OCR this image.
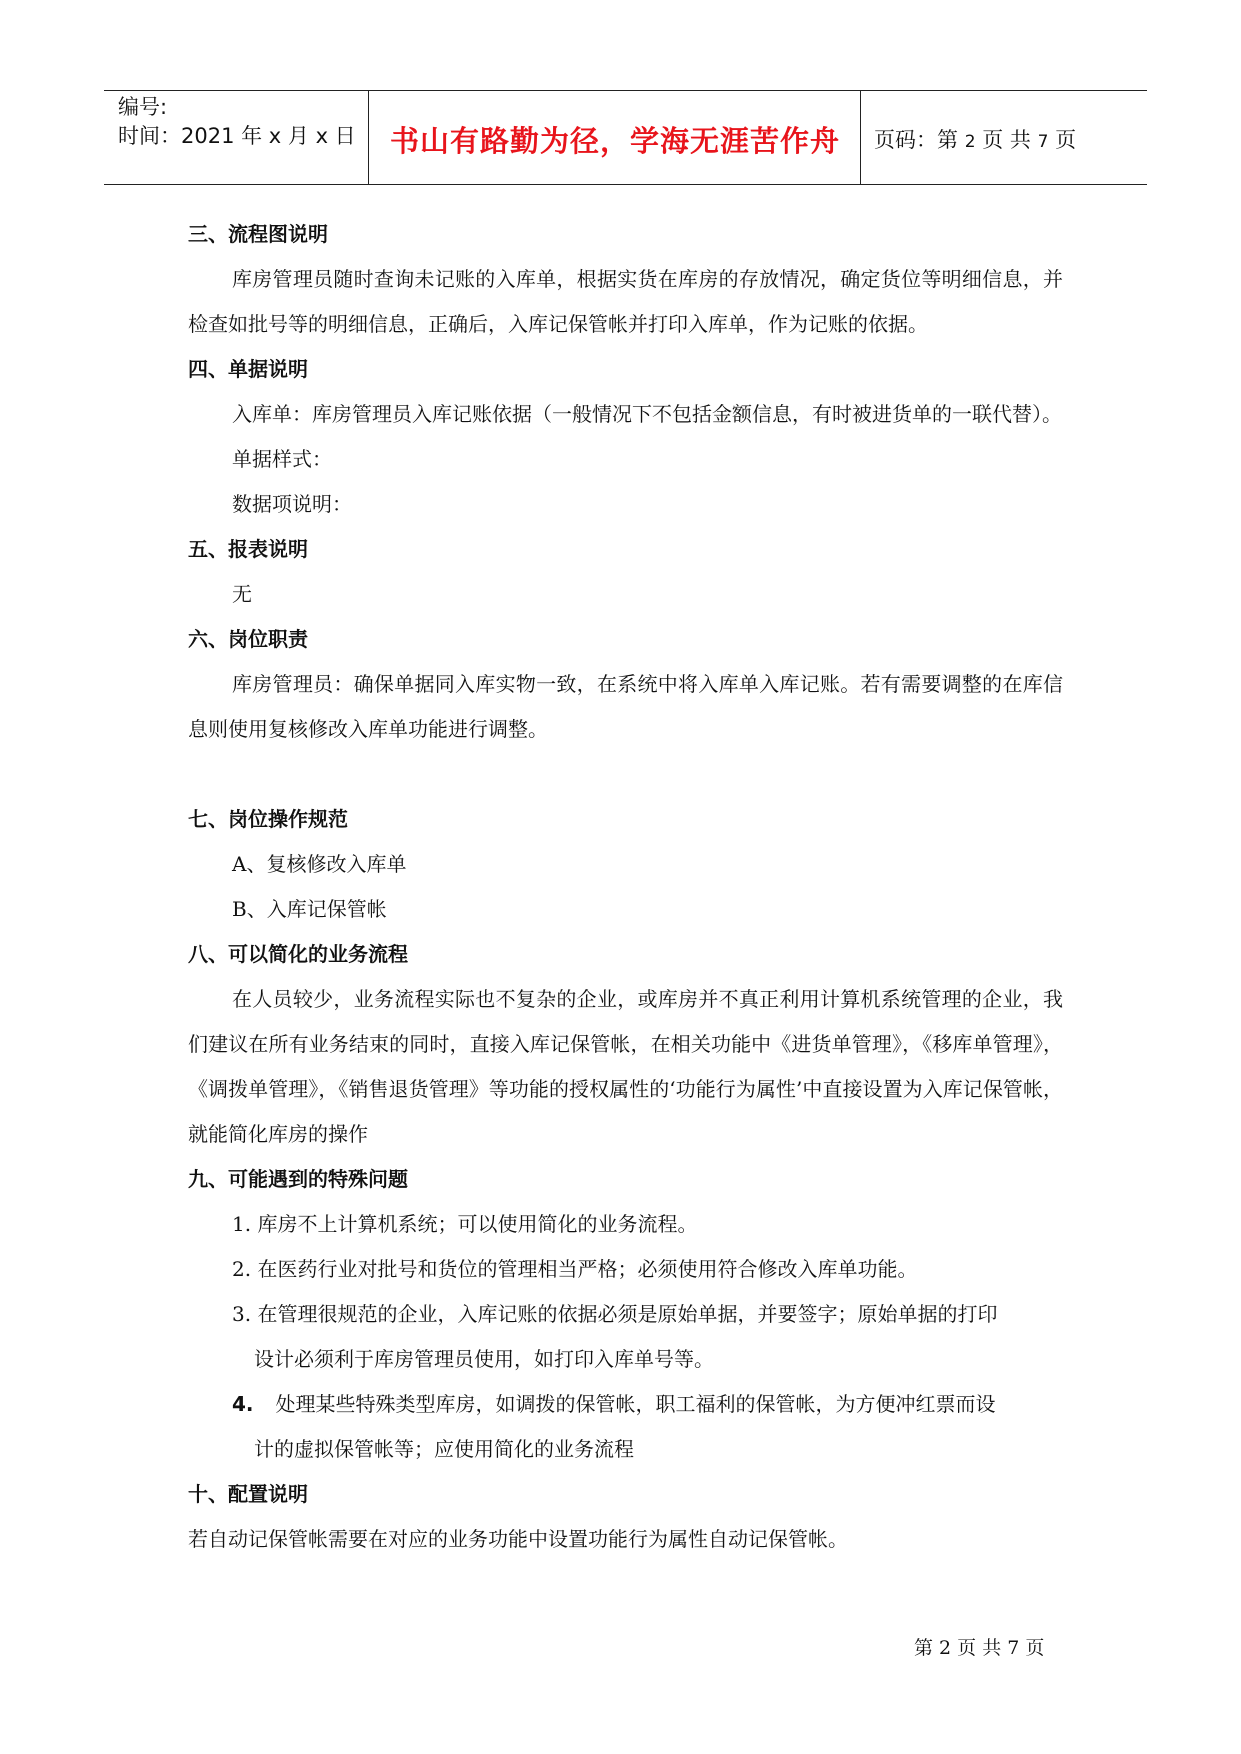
编号:
时间：2021 年 x 月 x 日	书山有路勤为径，学海无涯苦作舟	页码：第 2 页 共 7 页
三、流程图说明
库房管理员随时查询未记账的入库单，根据实货在库房的存放情况，确定货位等明细信息，并检查如批号等的明细信息，正确后，入库记保管帐并打印入库单，作为记账的依据。
四、单据说明
入库单：库房管理员入库记账依据（一般情况下不包括金额信息，有时被进货单的一联代替）。
单据样式：
数据项说明：
五、报表说明
无
六、岗位职责
库房管理员：确保单据同入库实物一致，在系统中将入库单入库记账。若有需要调整的在库信息则使用复核修改入库单功能进行调整。
七、岗位操作规范
A、复核修改入库单
B、入库记保管帐
八、可以简化的业务流程
在人员较少，业务流程实际也不复杂的企业，或库房并不真正利用计算机系统管理的企业，我们建议在所有业务结束的同时，直接入库记保管帐，在相关功能中《进货单管理》，《移库单管理》，《调拨单管理》，《销售退货管理》等功能的授权属性的‘功能行为属性’中直接设置为入库记保管帐，就能简化库房的操作
九、可能遇到的特殊问题
1. 库房不上计算机系统；可以使用简化的业务流程。
2. 在医药行业对批号和货位的管理相当严格；必须使用符合修改入库单功能。
3. 在管理很规范的企业，入库记账的依据必须是原始单据，并要签字；原始单据的打印
设计必须利于库房管理员使用，如打印入库单号等。
4. 处理某些特殊类型库房，如调拨的保管帐，职工福利的保管帐，为方便冲红票而设
计的虚拟保管帐等；应使用简化的业务流程
十、配置说明
若自动记保管帐需要在对应的业务功能中设置功能行为属性自动记保管帐。
第 2 页 共 7 页
